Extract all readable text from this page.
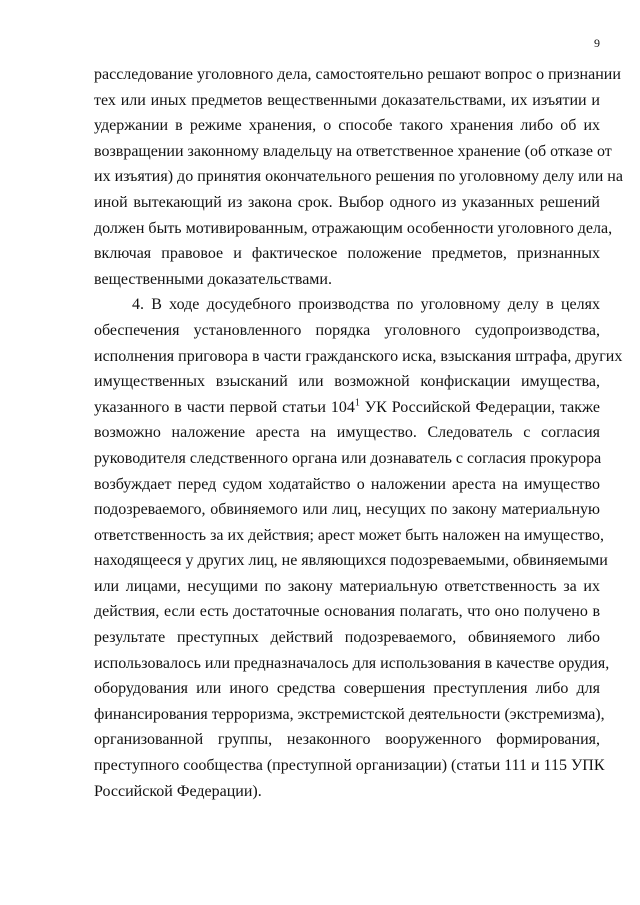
9
расследование уголовного дела, самостоятельно решают вопрос о признании
тех или иных предметов вещественными доказательствами, их изъятии и
удержании в режиме хранения, о способе такого хранения либо об их
возвращении законному владельцу на ответственное хранение (об отказе от
их изъятия) до принятия окончательного решения по уголовному делу или на
иной вытекающий из закона срок. Выбор одного из указанных решений
должен быть мотивированным, отражающим особенности уголовного дела,
включая правовое и фактическое положение предметов, признанных
вещественными доказательствами.
4. В ходе досудебного производства по уголовному делу в целях
обеспечения установленного порядка уголовного судопроизводства,
исполнения приговора в части гражданского иска, взыскания штрафа, других
имущественных взысканий или возможной конфискации имущества,
указанного в части первой статьи $104^1$ УК Российской Федерации, также
возможно наложение ареста на имущество. Следователь с согласия
руководителя следственного органа или дознаватель с согласия прокурора
возбуждает перед судом ходатайство о наложении ареста на имущество
подозреваемого, обвиняемого или лиц, несущих по закону материальную
ответственность за их действия; арест может быть наложен на имущество,
находящееся у других лиц, не являющихся подозреваемыми, обвиняемыми
или лицами, несущими по закону материальную ответственность за их
действия, если есть достаточные основания полагать, что оно получено в
результате преступных действий подозреваемого, обвиняемого либо
использовалось или предназначалось для использования в качестве орудия,
оборудования или иного средства совершения преступления либо для
финансирования терроризма, экстремистской деятельности (экстремизма),
организованной группы, незаконного вооруженного формирования,
преступного сообщества (преступной организации) (статьи 111 и 115 УПК
Российской Федерации).
